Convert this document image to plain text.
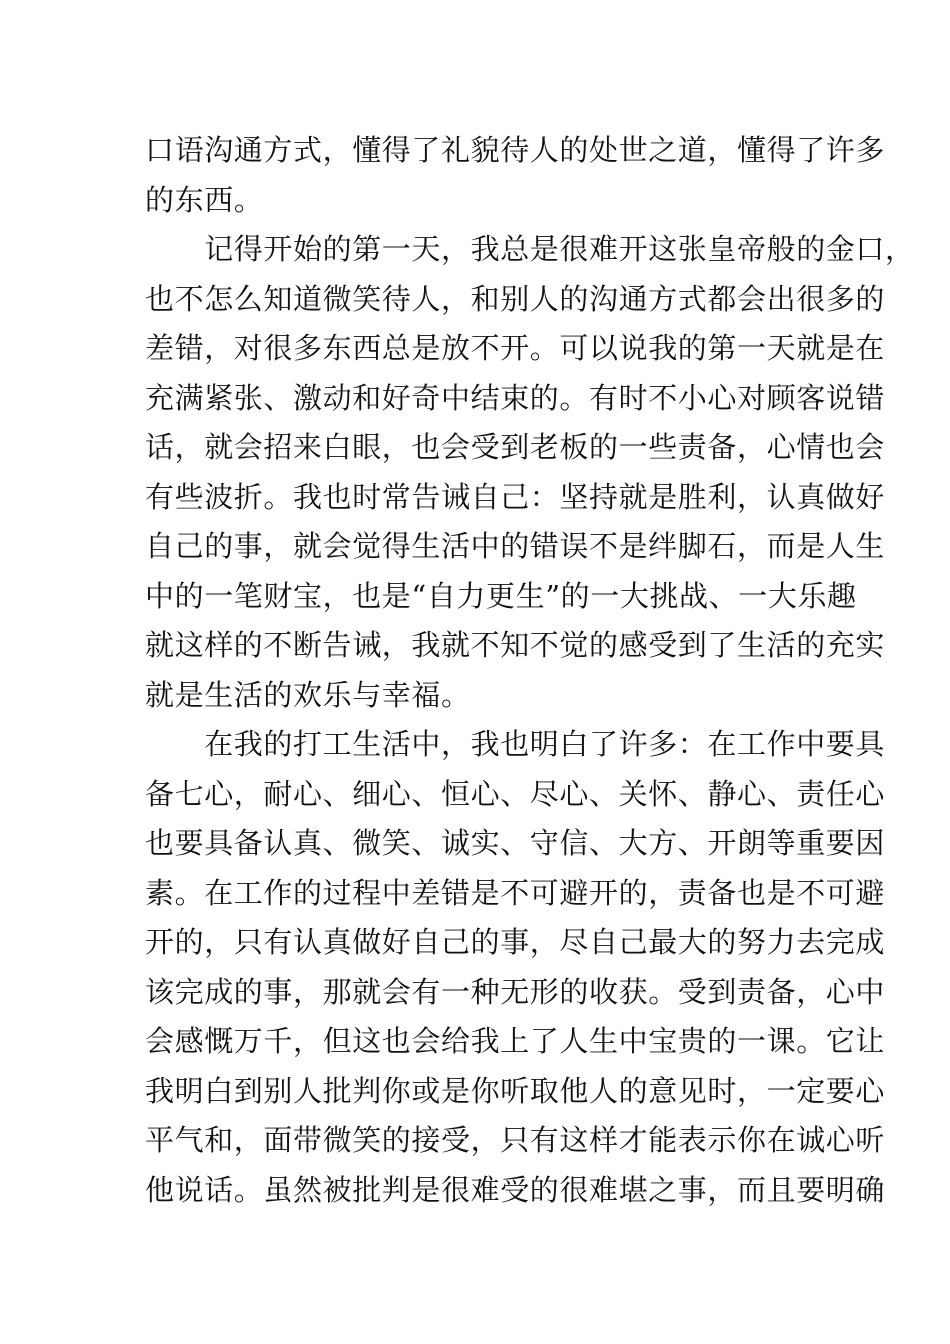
口语沟通方式，懂得了礼貌待人的处世之道，懂得了许多
的东西。
　　记得开始的第一天，我总是很难开这张皇帝般的金口，
也不怎么知道微笑待人，和别人的沟通方式都会出很多的
差错，对很多东西总是放不开。可以说我的第一天就是在
充满紧张、激动和好奇中结束的。有时不小心对顾客说错
话，就会招来白眼，也会受到老板的一些责备，心情也会
有些波折。我也时常告诫自己：坚持就是胜利，认真做好
自己的事，就会觉得生活中的错误不是绊脚石，而是人生
中的一笔财宝，也是“自力更生”的一大挑战、一大乐趣
就这样的不断告诫，我就不知不觉的感受到了生活的充实
就是生活的欢乐与幸福。
　　在我的打工生活中，我也明白了许多：在工作中要具
备七心，耐心、细心、恒心、尽心、关怀、静心、责任心
也要具备认真、微笑、诚实、守信、大方、开朗等重要因
素。在工作的过程中差错是不可避开的，责备也是不可避
开的，只有认真做好自己的事，尽自己最大的努力去完成
该完成的事，那就会有一种无形的收获。受到责备，心中
会感慨万千，但这也会给我上了人生中宝贵的一课。它让
我明白到别人批判你或是你听取他人的意见时，一定要心
平气和，面带微笑的接受，只有这样才能表示你在诚心听
他说话。虽然被批判是很难受的很难堪之事，而且要明确
